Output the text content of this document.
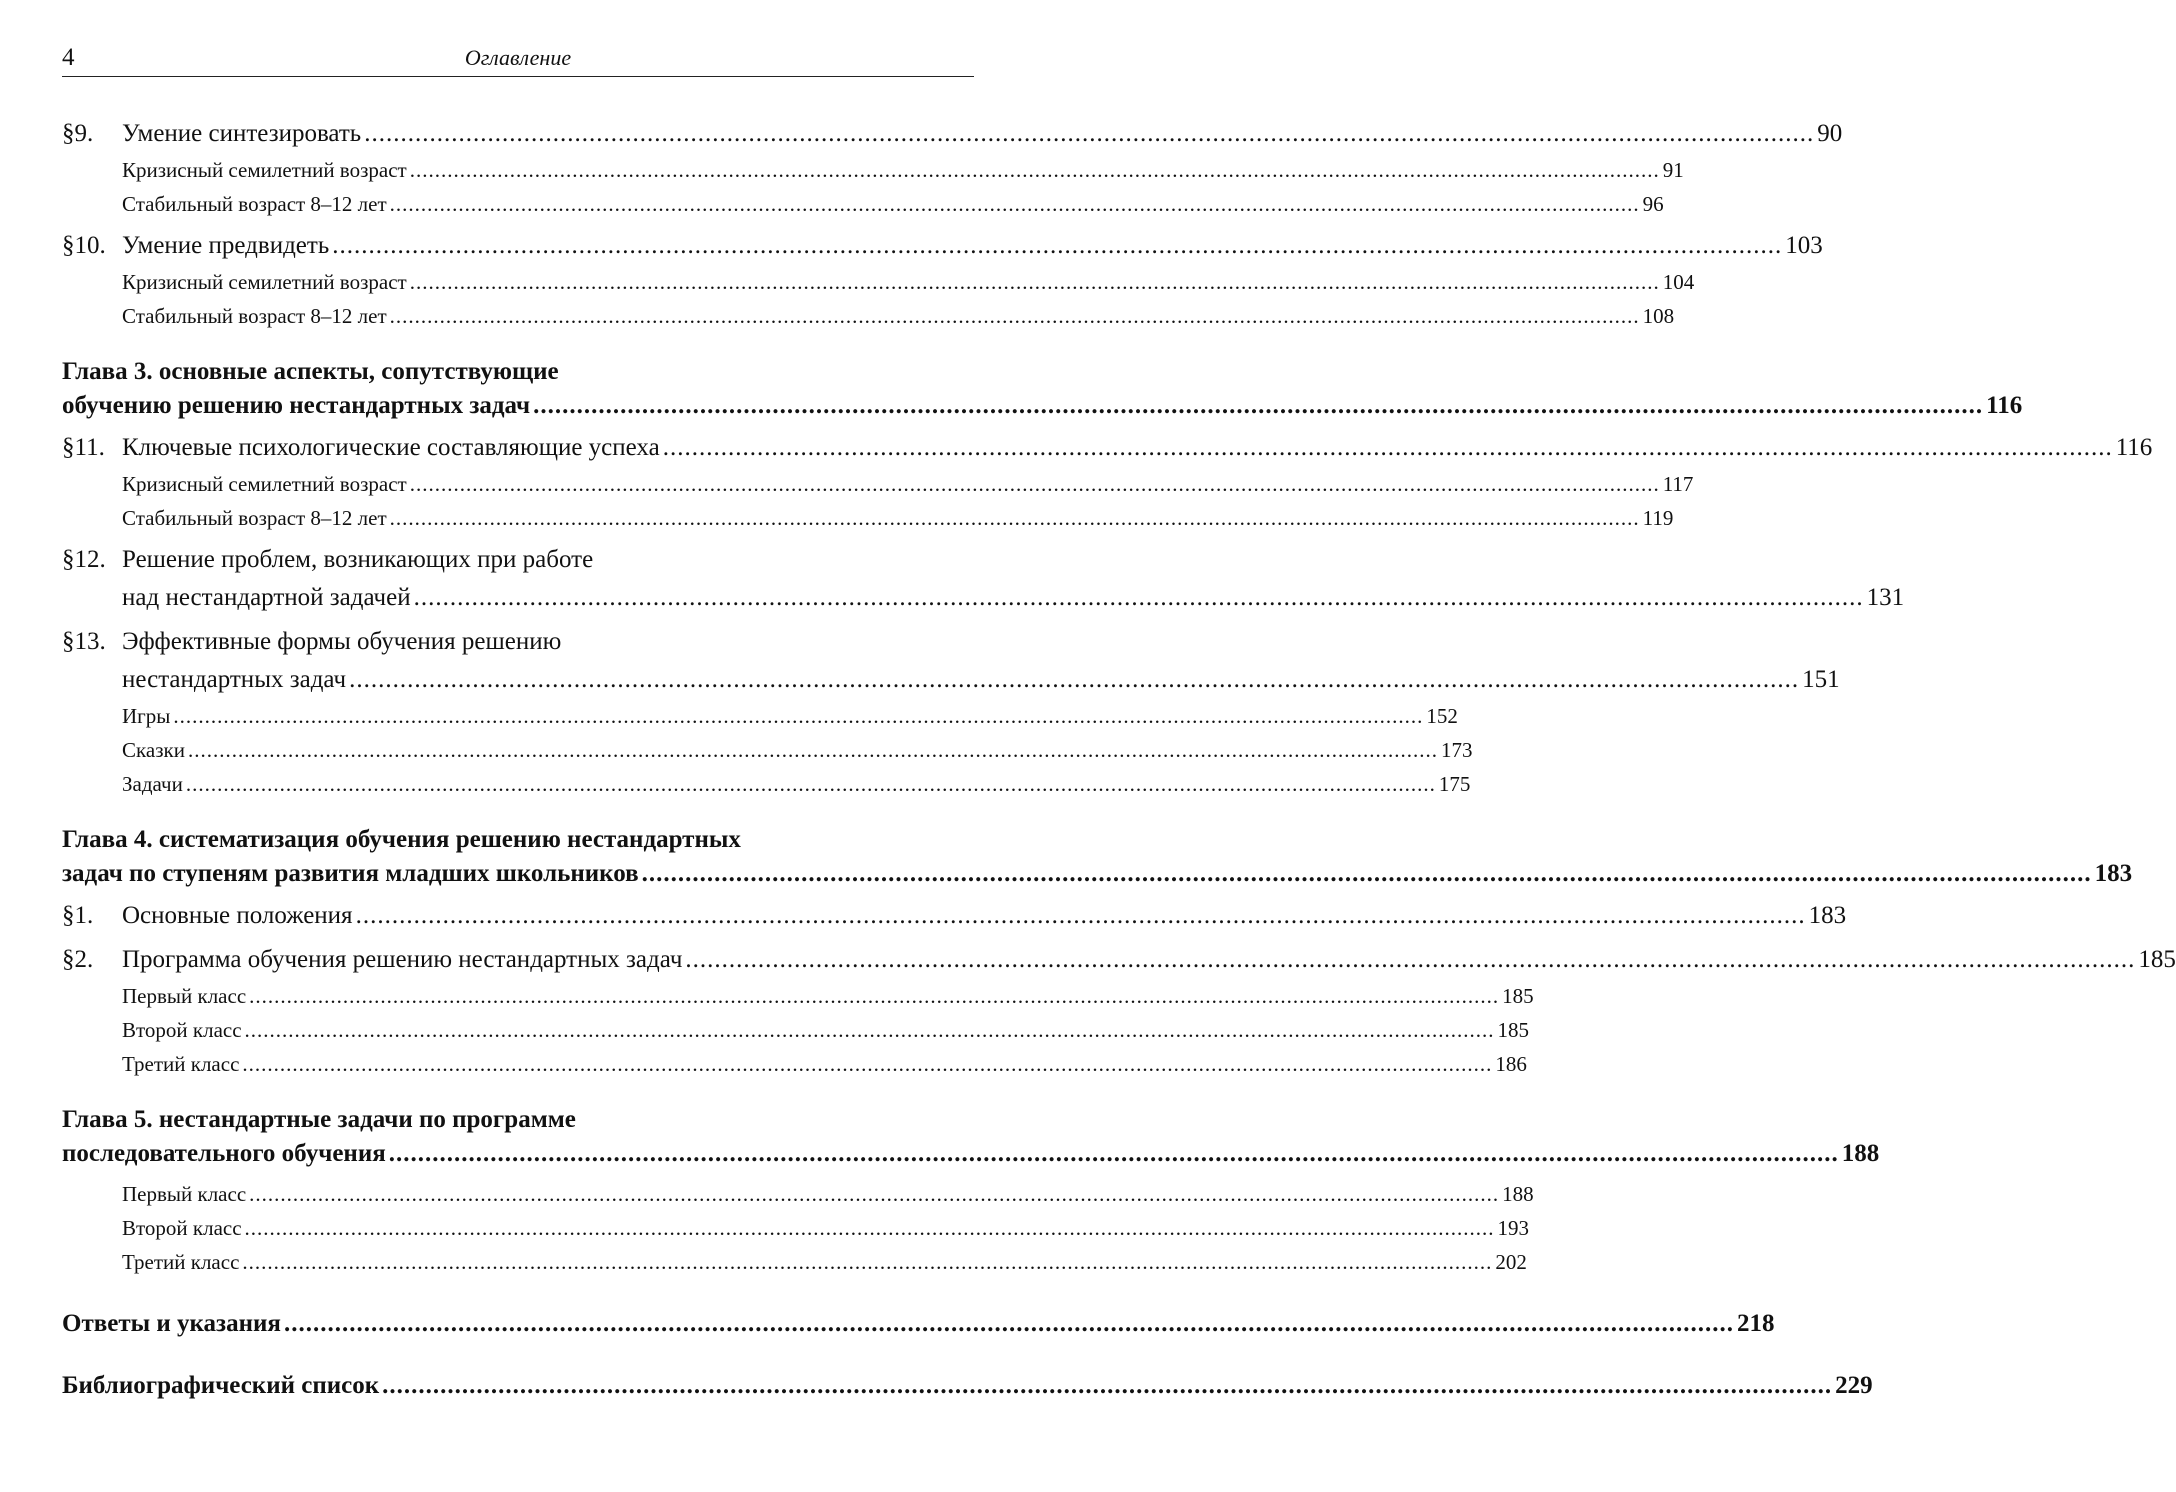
4	Оглавление
§9. Умение синтезировать ........................................................................................................................................................................................................ 90
Кризисный семилетний возраст ........................................................................................................................................................................................................ 91
Стабильный возраст 8–12 лет ........................................................................................................................................................................................................ 96
§10. Умение предвидеть ........................................................................................................................................................................................................ 103
Кризисный семилетний возраст ........................................................................................................................................................................................................ 104
Стабильный возраст 8–12 лет ........................................................................................................................................................................................................ 108
Глава 3. основные аспекты, сопутствующие
обучению решению нестандартных задач ........................................................................................................................................................................................................ 116
§11. Ключевые психологические составляющие успеха ........................................................................................................................................................................................................ 116
Кризисный семилетний возраст ........................................................................................................................................................................................................ 117
Стабильный возраст 8–12 лет ........................................................................................................................................................................................................ 119
§12. Решение проблем, возникающих при работе
над нестандартной задачей ........................................................................................................................................................................................................ 131
§13. Эффективные формы обучения решению
нестандартных задач ........................................................................................................................................................................................................ 151
Игры ........................................................................................................................................................................................................ 152
Сказки ........................................................................................................................................................................................................ 173
Задачи ........................................................................................................................................................................................................ 175
Глава 4. систематизация обучения решению нестандартных
задач по ступеням развития младших школьников ........................................................................................................................................................................................................ 183
§1. Основные положения ........................................................................................................................................................................................................ 183
§2. Программа обучения решению нестандартных задач ........................................................................................................................................................................................................ 185
Первый класс ........................................................................................................................................................................................................ 185
Второй класс ........................................................................................................................................................................................................ 185
Третий класс ........................................................................................................................................................................................................ 186
Глава 5. нестандартные задачи по программе
последовательного обучения ........................................................................................................................................................................................................ 188
Первый класс ........................................................................................................................................................................................................ 188
Второй класс ........................................................................................................................................................................................................ 193
Третий класс ........................................................................................................................................................................................................ 202
Ответы и указания ........................................................................................................................................................................................................ 218
Библиографический список ........................................................................................................................................................................................................ 229
